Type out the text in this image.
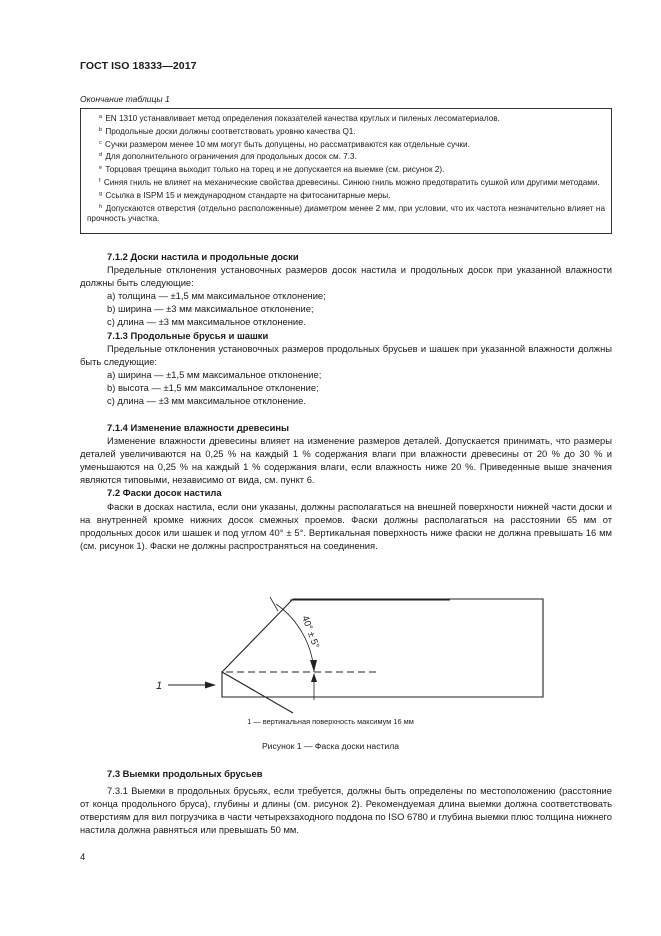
ГОСТ ISO 18333—2017
Окончание таблицы 1
$^a$ EN 1310 устанавливает метод определения показателей качества круглых и пиленых лесоматериалов.
$^b$ Продольные доски должны соответствовать уровню качества Q1.
$^c$ Сучки размером менее 10 мм могут быть допущены, но рассматриваются как отдельные сучки.
$^d$ Для дополнительного ограничения для продольных досок см. 7.3.
$^e$ Торцовая трещина выходит только на торец и не допускается на выемке (см. рисунок 2).
$^f$ Синяя гниль не влияет на механические свойства древесины. Синюю гниль можно предотвратить сушкой или другими методами.
$^g$ Ссылка в ISPM 15 и международном стандарте на фитосанитарные меры.
$^h$ Допускаются отверстия (отдельно расположенные) диаметром менее 2 мм, при условии, что их частота незначительно влияет на прочность участка.
7.1.2 Доски настила и продольные доски
Предельные отклонения установочных размеров досок настила и продольных досок при указанной влажности должны быть следующие:
a) толщина — ±1,5 мм максимальное отклонение;
b) ширина — ±3 мм максимальное отклонение;
c) длина — ±3 мм максимальное отклонение.
7.1.3 Продольные брусья и шашки
Предельные отклонения установочных размеров продольных брусьев и шашек при указанной влажности должны быть следующие:
a) ширина — ±1,5 мм максимальное отклонение;
b) высота — ±1,5 мм максимальное отклонение;
c) длина — ±3 мм максимальное отклонение.
7.1.4 Изменение влажности древесины
Изменение влажности древесины влияет на изменение размеров деталей. Допускается принимать, что размеры деталей увеличиваются на 0,25 % на каждый 1 % содержания влаги при влажности древесины от 20 % до 30 % и уменьшаются на 0,25 % на каждый 1 % содержания влаги, если влажность ниже 20 %. Приведенные выше значения являются типовыми, независимо от вида, см. пункт 6.
7.2 Фаски досок настила
Фаски в досках настила, если они указаны, должны располагаться на внешней поверхности нижней части доски и на внутренней кромке нижних досок смежных проемов. Фаски должны располагаться на расстоянии 65 мм от продольных досок или шашек и под углом 40° ± 5°. Вертикальная поверхность ниже фаски не должна превышать 16 мм (см. рисунок 1). Фаски не должны распространяться на соединения.
1
40° ± 5°
1 — вертикальная поверхность максимум 16 мм
Рисунок 1 — Фаска доски настила
7.3 Выемки продольных брусьев
7.3.1 Выемки в продольных брусьях, если требуется, должны быть определены по местоположению (расстояние от конца продольного бруса), глубины и длины (см. рисунок 2). Рекомендуемая длина выемки должна соответствовать отверстиям для вил погрузчика в части четырехзаходного поддона по ISO 6780 и глубина выемки плюс толщина нижнего настила должна равняться или превышать 50 мм.
4
